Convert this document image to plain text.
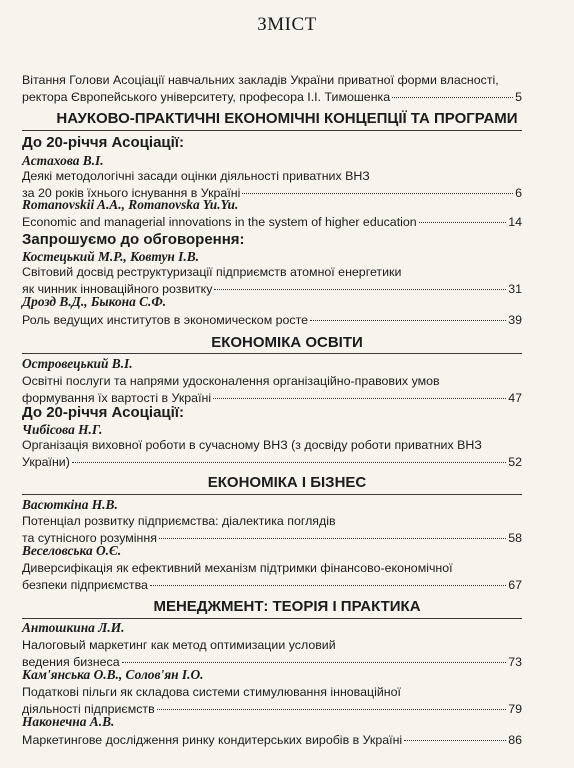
ЗМІСТ
Вітання Голови Асоціації навчальних закладів України приватної форми власності,
ректора Європейського університету, професора І.І. Тимошенка	5
НАУКОВО-ПРАКТИЧНІ ЕКОНОМІЧНІ КОНЦЕПЦІЇ ТА ПРОГРАМИ
До 20-річчя Асоціації:
Астахова В.І.
Деякі методологічні засади оцінки діяльності приватних ВНЗ
за 20 років їхнього існування в Україні	6
Romanovskii A.A., Romanovska Yu.Yu.
Economic and managerial innovations in the system of higher education	14
Запрошуємо до обговорення:
Костецький М.Р., Ковтун І.В.
Світовий досвід реструктуризації підприємств атомної енергетики
як чинник інноваційного розвитку	31
Дрозд В.Д., Быкона С.Ф.
Роль ведущих институтов в экономическом росте	39
ЕКОНОМІКА ОСВІТИ
Островецький В.І.
Освітні послуги та напрями удосконалення організаційно-правових умов
формування їх вартості в Україні	47
До 20-річчя Асоціації:
Чибісова Н.Г.
Організація виховної роботи в сучасному ВНЗ (з досвіду роботи приватних ВНЗ
України)	52
ЕКОНОМІКА І БІЗНЕС
Васюткіна Н.В.
Потенціал розвитку підприємства: діалектика поглядів
та сутнісного розуміння	58
Веселовська О.Є.
Диверсифікація як ефективний механізм підтримки фінансово-економічної
безпеки підприємства	67
МЕНЕДЖМЕНТ: ТЕОРІЯ І ПРАКТИКА
Антошкина Л.И.
Налоговый маркетинг как метод оптимизации условий
ведения бизнеса	73
Кам'янська О.В., Солов'ян І.О.
Податкові пільги як складова системи стимулювання інноваційної
діяльності підприємств	79
Наконечна А.В.
Маркетингове дослідження ринку кондитерських виробів в Україні	86
